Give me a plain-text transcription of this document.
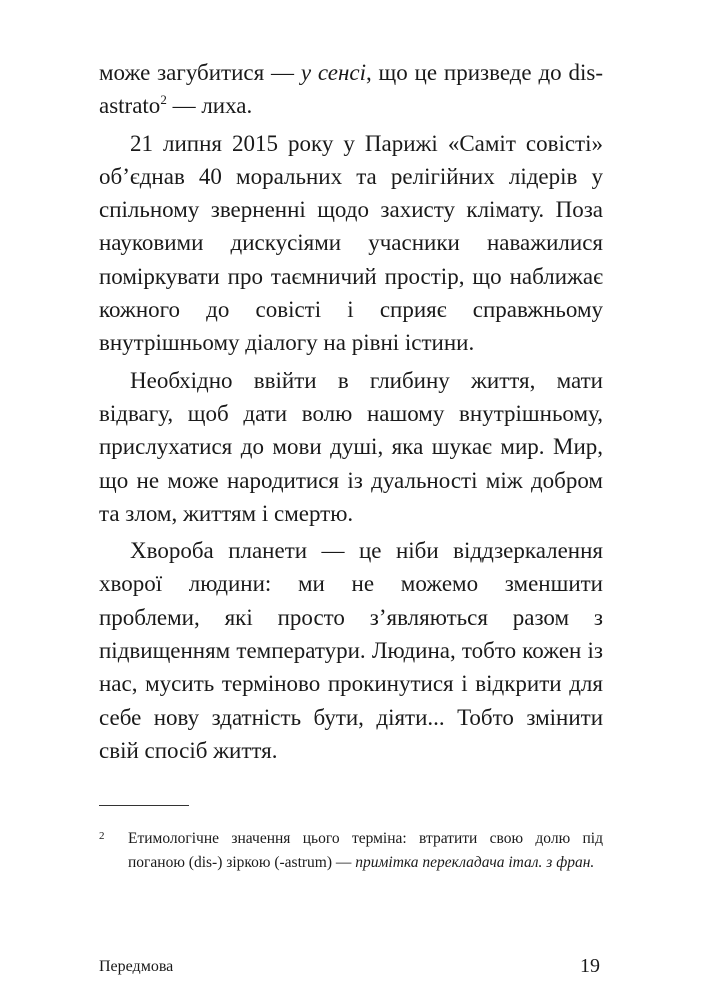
може загубитися — у сенсі, що це призведе до dis-astrato$^2$ — лиха.

21 липня 2015 року у Парижі «Саміт совісті» об’єднав 40 моральних та релігійних лідерів у спільному зверненні щодо захисту клімату. Поза науковими дискусіями учасники наважилися поміркувати про таємничий простір, що наближає кожного до совісті і сприяє справжньому внутрішньому діалогу на рівні істини.

Необхідно ввійти в глибину життя, мати відвагу, щоб дати волю нашому внутрішньому, прислухатися до мови душі, яка шукає мир. Мир, що не може народитися із дуальності між добром та злом, життям і смертю.

Хвороба планети — це ніби віддзеркалення хворої людини: ми не можемо зменшити проблеми, які просто з’являються разом з підвищенням температури. Людина, тобто кожен із нас, мусить терміново прокинутися і відкрити для себе нову здатність бути, діяти... Тобто змінити свій спосіб життя.

2	Етимологічне значення цього терміна: втратити свою долю під поганою (dis-) зіркою (-astrum) — примітка перекладача італ. з фран.

Передмова	19
